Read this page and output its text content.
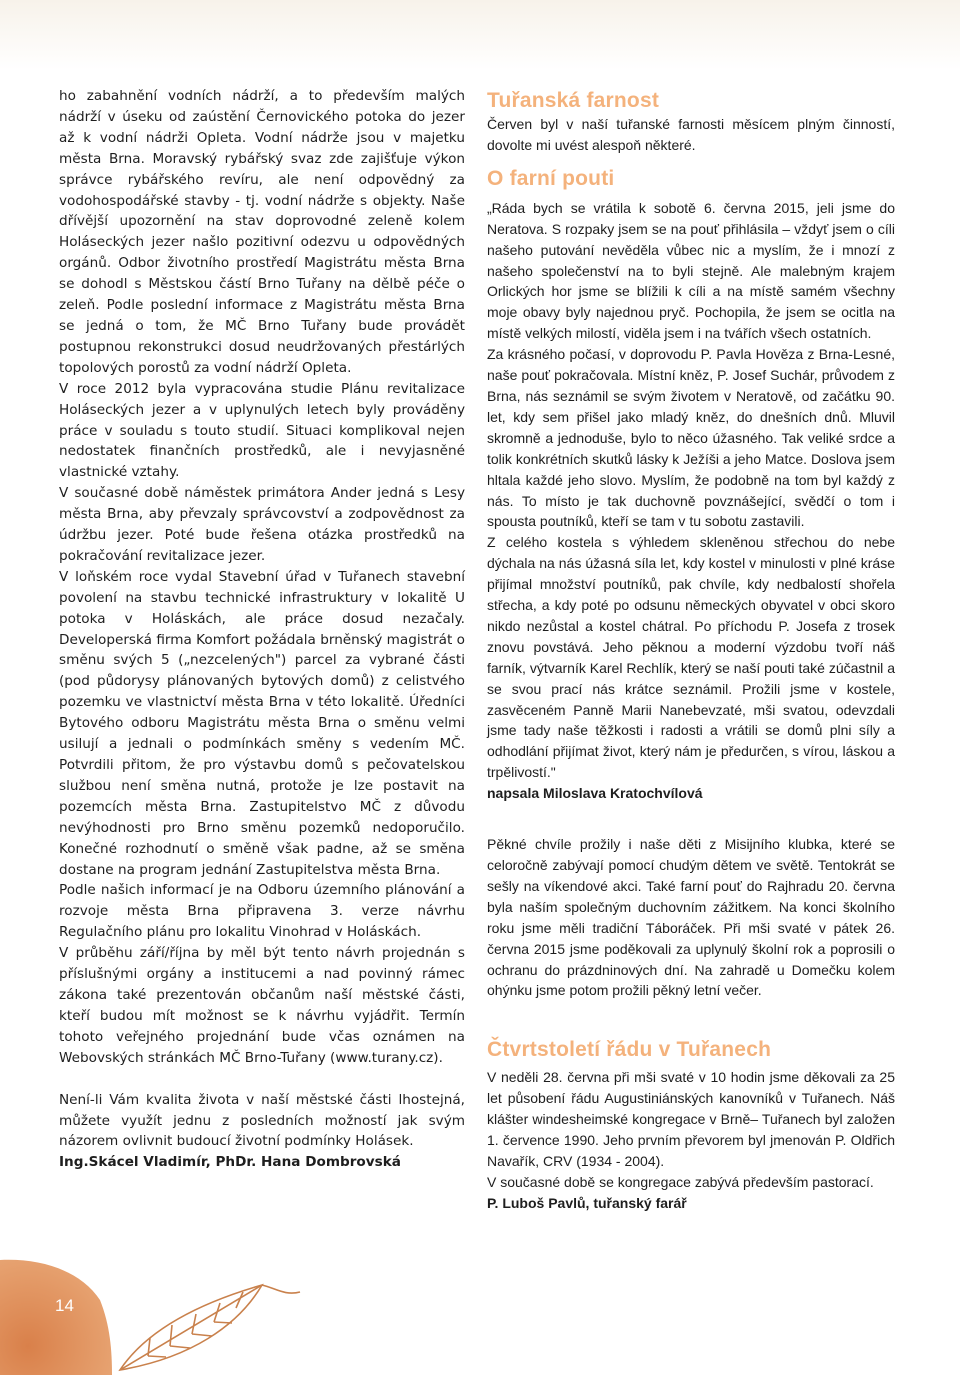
ho zabahnění vodních nádrží, a to především malých nádrží v úseku od zaústění Černovického potoka do jezer až k vodní nádrži Opleta. Vodní nádrže jsou v majetku města Brna. Moravský rybářský svaz zde zajišťuje výkon správce rybářského revíru, ale není odpovědný za vodohospodářské stavby - tj. vodní nádrže s objekty. Naše dřívější upozornění na stav doprovodné zeleně kolem Holáseckých jezer našlo pozitivní odezvu u odpovědných orgánů. Odbor životního prostředí Magistrátu města Brna se dohodl s Městskou částí Brno Tuřany na dělbě péče o zeleň. Podle poslední informace z Magistrátu města Brna se jedná o tom, že MČ Brno Tuřany bude provádět postupnou rekonstrukci dosud neudržovaných přestárlých topolových porostů za vodní nádrží Opleta.

V roce 2012 byla vypracována studie Plánu revitalizace Holáseckých jezer a v uplynulých letech byly prováděny práce v souladu s touto studií. Situaci komplikoval nejen nedostatek finančních prostředků, ale i nevyjasněné vlastnické vztahy.

V současné době náměstek primátora Ander jedná s Lesy města Brna, aby převzaly správcovství a zodpovědnost za údržbu jezer. Poté bude řešena otázka prostředků na pokračování revitalizace jezer.

V loňském roce vydal Stavební úřad v Tuřanech stavební povolení na stavbu technické infrastruktury v lokalitě U potoka v Holáskách, ale práce dosud nezačaly. Developerská firma Komfort požádala brněnský magistrát o směnu svých 5 („nezcelených") parcel za vybrané části (pod půdorysy plánovaných bytových domů) z celistvého pozemku ve vlastnictví města Brna v této lokalitě. Úředníci Bytového odboru Magistrátu města Brna o směnu velmi usilují a jednali o podmínkách směny s vedením MČ. Potvrdili přitom, že pro výstavbu domů s pečovatelskou službou není směna nutná, protože je lze postavit na pozemcích města Brna. Zastupitelstvo MČ z důvodu nevýhodnosti pro Brno směnu pozemků nedoporučilo. Konečné rozhodnutí o směně však padne, až se směna dostane na program jednání Zastupitelstva města Brna.

Podle našich informací je na Odboru územního plánování a rozvoje města Brna připravena 3. verze návrhu Regulačního plánu pro lokalitu Vinohrad v Holáskách.

V průběhu září/října by měl být tento návrh projednán s příslušnými orgány a institucemi a nad povinný rámec zákona také prezentován občanům naší městské části, kteří budou mít možnost se k návrhu vyjádřit. Termín tohoto veřejného projednání bude včas oznámen na Webovských stránkách MČ Brno-Tuřany (www.turany.cz).

Není-li Vám kvalita života v naší městské části lhostejná, můžete využít jednu z posledních možností jak svým názorem ovlivnit budoucí životní podmínky Holásek.

Ing.Skácel Vladimír, PhDr. Hana Dombrovská

Tuřanská farnost

Červen byl v naší tuřanské farnosti měsícem plným činností, dovolte mi uvést alespoň některé.

O farní pouti

„Ráda bych se vrátila k sobotě 6. června 2015, jeli jsme do Neratova. S rozpaky jsem se na pouť přihlásila – vždyť jsem o cíli našeho putování nevěděla vůbec nic a myslím, že i mnozí z našeho společenství na to byli stejně. Ale malebným krajem Orlických hor jsme se blížili k cíli a na místě samém všechny moje obavy byly najednou pryč. Pochopila, že jsem se ocitla na místě velkých milostí, viděla jsem i na tvářích všech ostatních.

Za krásného počasí, v doprovodu P. Pavla Hověza z Brna-Lesné, naše pouť pokračovala. Místní kněz, P. Josef Suchár, průvodem z Brna, nás seznámil se svým životem v Neratově, od začátku 90. let, kdy sem přišel jako mladý kněz, do dnešních dnů. Mluvil skromně a jednoduše, bylo to něco úžasného. Tak veliké srdce a tolik konkrétních skutků lásky k Ježíši a jeho Matce. Doslova jsem hltala každé jeho slovo. Myslím, že podobně na tom byl každý z nás. To místo je tak duchovně povznášející, svědčí o tom i spousta poutníků, kteří se tam v tu sobotu zastavili.

Z celého kostela s výhledem skleněnou střechou do nebe dýchala na nás úžasná síla let, kdy kostel v minulosti v plné kráse přijímal množství poutníků, pak chvíle, kdy nedbalostí shořela střecha, a kdy poté po odsunu německých obyvatel v obci skoro nikdo nezůstal a kostel chátral. Po příchodu P. Josefa z trosek znovu povstává. Jeho pěknou a moderní výzdobu tvoří náš farník, výtvarník Karel Rechlík, který se naší pouti také zúčastnil a se svou prací nás krátce seznámil. Prožili jsme v kostele, zasvěceném Panně Marii Nanebevzaté, mši svatou, odevzdali jsme tady naše těžkosti i radosti a vrátili se domů plni síly a odhodlání přijímat život, který nám je předurčen, s vírou, láskou a trpělivostí."

napsala Miloslava Kratochvílová

Pěkné chvíle prožily i naše děti z Misijního klubka, které se celoročně zabývají pomocí chudým dětem ve světě. Tentokrát se sešly na víkendové akci. Také farní pouť do Rajhradu 20. června byla naším společným duchovním zážitkem. Na konci školního roku jsme měli tradiční Táboráček. Při mši svaté v pátek 26. června 2015 jsme poděkovali za uplynulý školní rok a poprosili o ochranu do prázdninových dní. Na zahradě u Domečku kolem ohýnku jsme potom prožili pěkný letní večer.

Čtvrtstoletí řádu v Tuřanech

V neděli 28. června při mši svaté v 10 hodin jsme děkovali za 25 let působení řádu Augustiniánských kanovníků v Tuřanech. Náš klášter windesheimské kongregace v Brně– Tuřanech byl založen 1. července 1990. Jeho prvním převorem byl jmenován P. Oldřich Navařík, CRV (1934 - 2004).

V současné době se kongregace zabývá především pastorací.

P. Luboš Pavlů, tuřanský farář

14
